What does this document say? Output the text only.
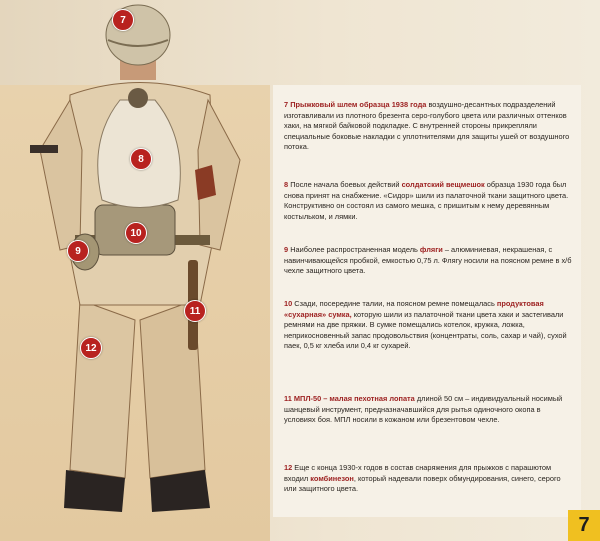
7
8
9
10
11
12
7 Прыжковый шлем образца 1938 года воздушно-десантных подразделений изготавливали из плотного брезента серо-голубого цвета или различных оттенков хаки, на мягкой байковой подкладке. С внутренней стороны прикрепляли специальные боковые накладки с уплотнителями для защиты ушей от воздушного потока.
8 После начала боевых действий солдатский вещмешок образца 1930 года был снова принят на снабжение. «Сидор» шили из палаточной ткани защитного цвета. Конструктивно он состоял из самого мешка, с пришитым к нему деревянным костыльком, и лямки.
9 Наиболее распространенная модель фляги – алюминиевая, некрашеная, с навинчивающейся пробкой, емкостью 0,75 л. Флягу носили на поясном ремне в х/б чехле защитного цвета.
10 Сзади, посередине талии, на поясном ремне помещалась продуктовая «сухарная» сумка, которую шили из палаточной ткани цвета хаки и застегивали ремнями на две пряжки. В сумке помещались котелок, кружка, ложка, неприкосновенный запас продовольствия (концентраты, соль, сахар и чай), сухой паек, 0,5 кг хлеба или 0,4 кг сухарей.
11 МПЛ-50 – малая пехотная лопата длиной 50 см – индивидуальный носимый шанцевый инструмент, предназначавшийся для рытья одиночного окопа в условиях боя. МПЛ носили в кожаном или брезентовом чехле.
12 Еще с конца 1930-х годов в состав снаряжения для прыжков с парашютом входил комбинезон, который надевали поверх обмундирования, синего, серого или защитного цвета.
7
